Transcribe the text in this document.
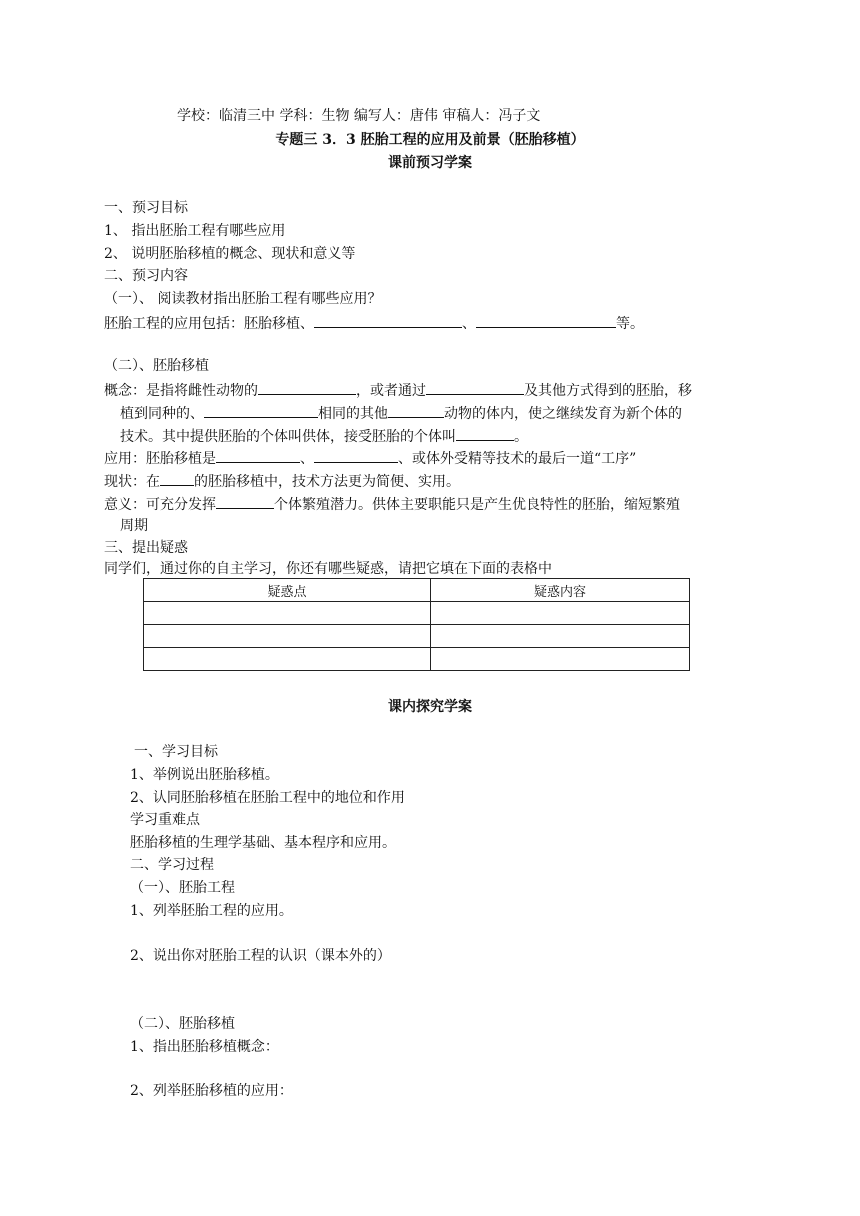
学校：临清三中 学科：生物 编写人：唐伟 审稿人：冯子文
专题三 3．3 胚胎工程的应用及前景（胚胎移植）
课前预习学案
一、预习目标
1、 指出胚胎工程有哪些应用
2、 说明胚胎移植的概念、现状和意义等
二、预习内容
（一）、 阅读教材指出胚胎工程有哪些应用？
胚胎工程的应用包括：胚胎移植、	、	等。
（二）、胚胎移植
概念：是指将雌性动物的	，或者通过	及其他方式得到的胚胎，移
植到同种的、	相同的其他	动物的体内，使之继续发育为新个体的
技术。其中提供胚胎的个体叫供体，接受胚胎的个体叫	。
应用：胚胎移植是	、	、或体外受精等技术的最后一道“工序”
现状：在 的胚胎移植中，技术方法更为简便、实用。
意义：可充分发挥	个体繁殖潜力。供体主要职能只是产生优良特性的胚胎，缩短繁殖
周期
三、提出疑惑
同学们，通过你的自主学习，你还有哪些疑惑，请把它填在下面的表格中
疑惑点	疑惑内容

课内探究学案
一、学习目标
1、举例说出胚胎移植。
2、认同胚胎移植在胚胎工程中的地位和作用
学习重难点
胚胎移植的生理学基础、基本程序和应用。
二、学习过程
（一）、胚胎工程
1、列举胚胎工程的应用。
2、说出你对胚胎工程的认识（课本外的）
（二）、胚胎移植
1、指出胚胎移植概念：
2、列举胚胎移植的应用：
